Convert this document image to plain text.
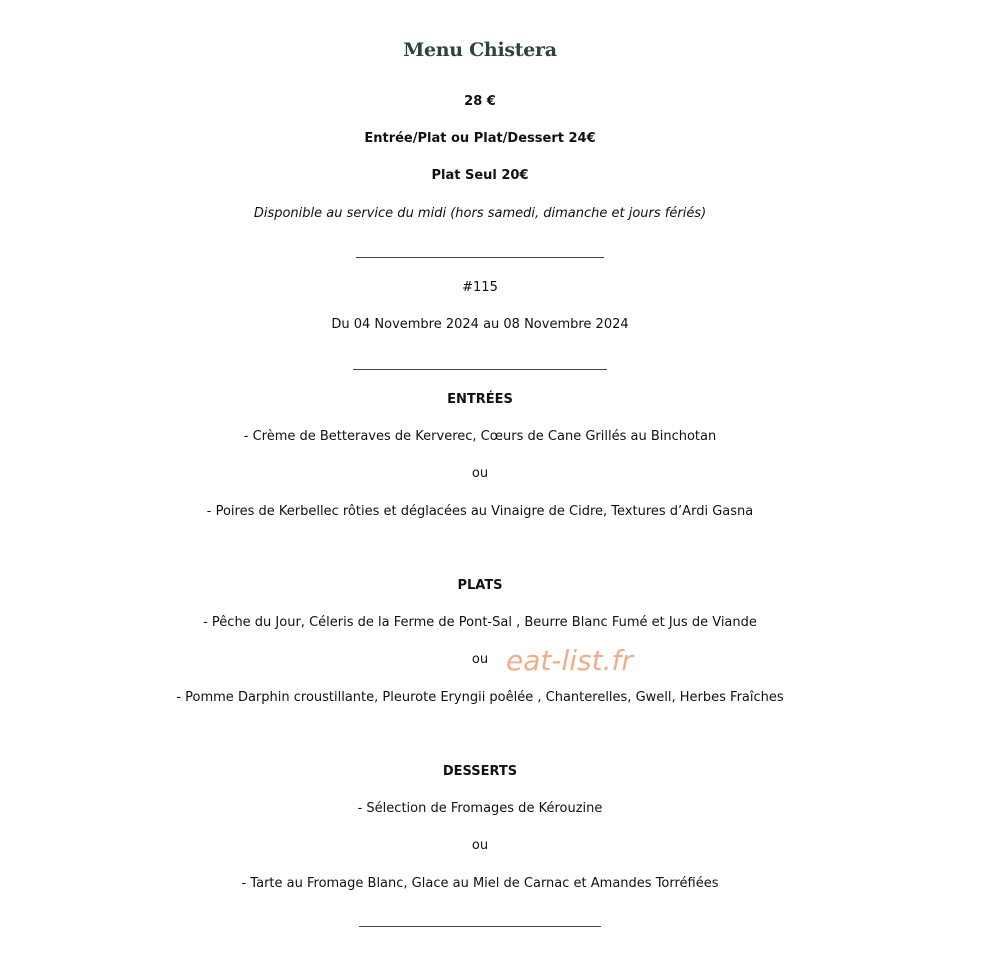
Menu Chistera
28 €
Entrée/Plat ou Plat/Dessert 24€
Plat Seul 20€
Disponible au service du midi (hors samedi, dimanche et jours fériés)
#115
Du 04 Novembre 2024 au 08 Novembre 2024
ENTRÉES
- Crème de Betteraves de Kerverec, Cœurs de Cane Grillés au Binchotan
ou
- Poires de Kerbellec rôties et déglacées au Vinaigre de Cidre, Textures d’Ardi Gasna
PLATS
- Pêche du Jour, Céleris de la Ferme de Pont-Sal , Beurre Blanc Fumé et Jus de Viande
ou
- Pomme Darphin croustillante, Pleurote Eryngii poêlée , Chanterelles, Gwell, Herbes Fraîches
DESSERTS
- Sélection de Fromages de Kérouzine
ou
- Tarte au Fromage Blanc, Glace au Miel de Carnac et Amandes Torréfiées
eat-list.fr
